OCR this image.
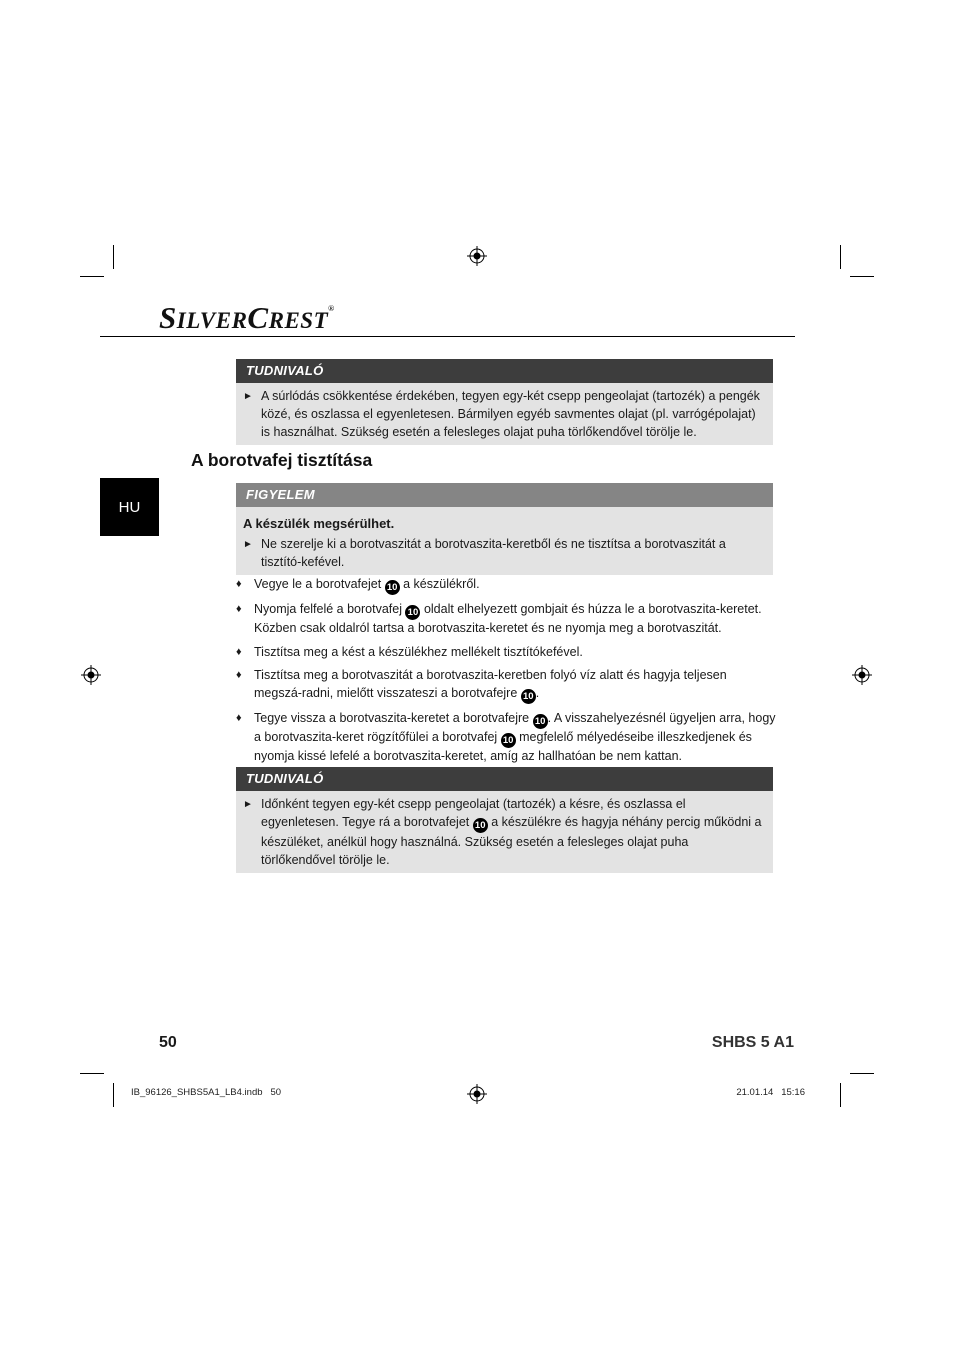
SILVERCREST®
HU
TUDNIVALÓ
► A súrlódás csökkentése érdekében, tegyen egy-két csepp pengeolajat (tartozék) a pengék közé, és oszlassa el egyenletesen. Bármilyen egyéb savmentes olajat (pl. varrógépolajat) is használhat. Szükség esetén a felesleges olajat puha törlőkendővel törölje le.
A borotvafej tisztítása
FIGYELEM
A készülék megsérülhet.
► Ne szerelje ki a borotvaszitát a borotvaszita-keretből és ne tisztítsa a borotvaszitát a tisztító-kefével.
♦ Vegye le a borotvafejet 10 a készülékről.
♦ Nyomja felfelé a borotvafej 10 oldalt elhelyezett gombjait és húzza le a borotvaszita-keretet. Közben csak oldalról tartsa a borotvaszita-keretet és ne nyomja meg a borotvaszitát.
♦ Tisztítsa meg a kést a készülékhez mellékelt tisztítókefével.
♦ Tisztítsa meg a borotvaszitát a borotvaszita-keretben folyó víz alatt és hagyja teljesen megszá-radni, mielőtt visszateszi a borotvafejre 10 .
♦ Tegye vissza a borotvaszita-keretet a borotvafejre 10 . A visszahelyezésnél ügyeljen arra, hogy a borotvaszita-keret rögzítőfülei a borotvafej 10 megfelelő mélyedéseibe illeszkedjenek és nyomja kissé lefelé a borotvaszita-keretet, amíg az hallhatóan be nem kattan.
TUDNIVALÓ
► Időnként tegyen egy-két csepp pengeolajat (tartozék) a késre, és oszlassa el egyenletesen. Tegye rá a borotvafejet 10 a készülékre és hagyja néhány percig működni a készüléket, anélkül hogy használná. Szükség esetén a felesleges olajat puha törlőkendővel törölje le.
50	SHBS 5 A1
IB_96126_SHBS5A1_LB4.indb   50	21.01.14   15:16
